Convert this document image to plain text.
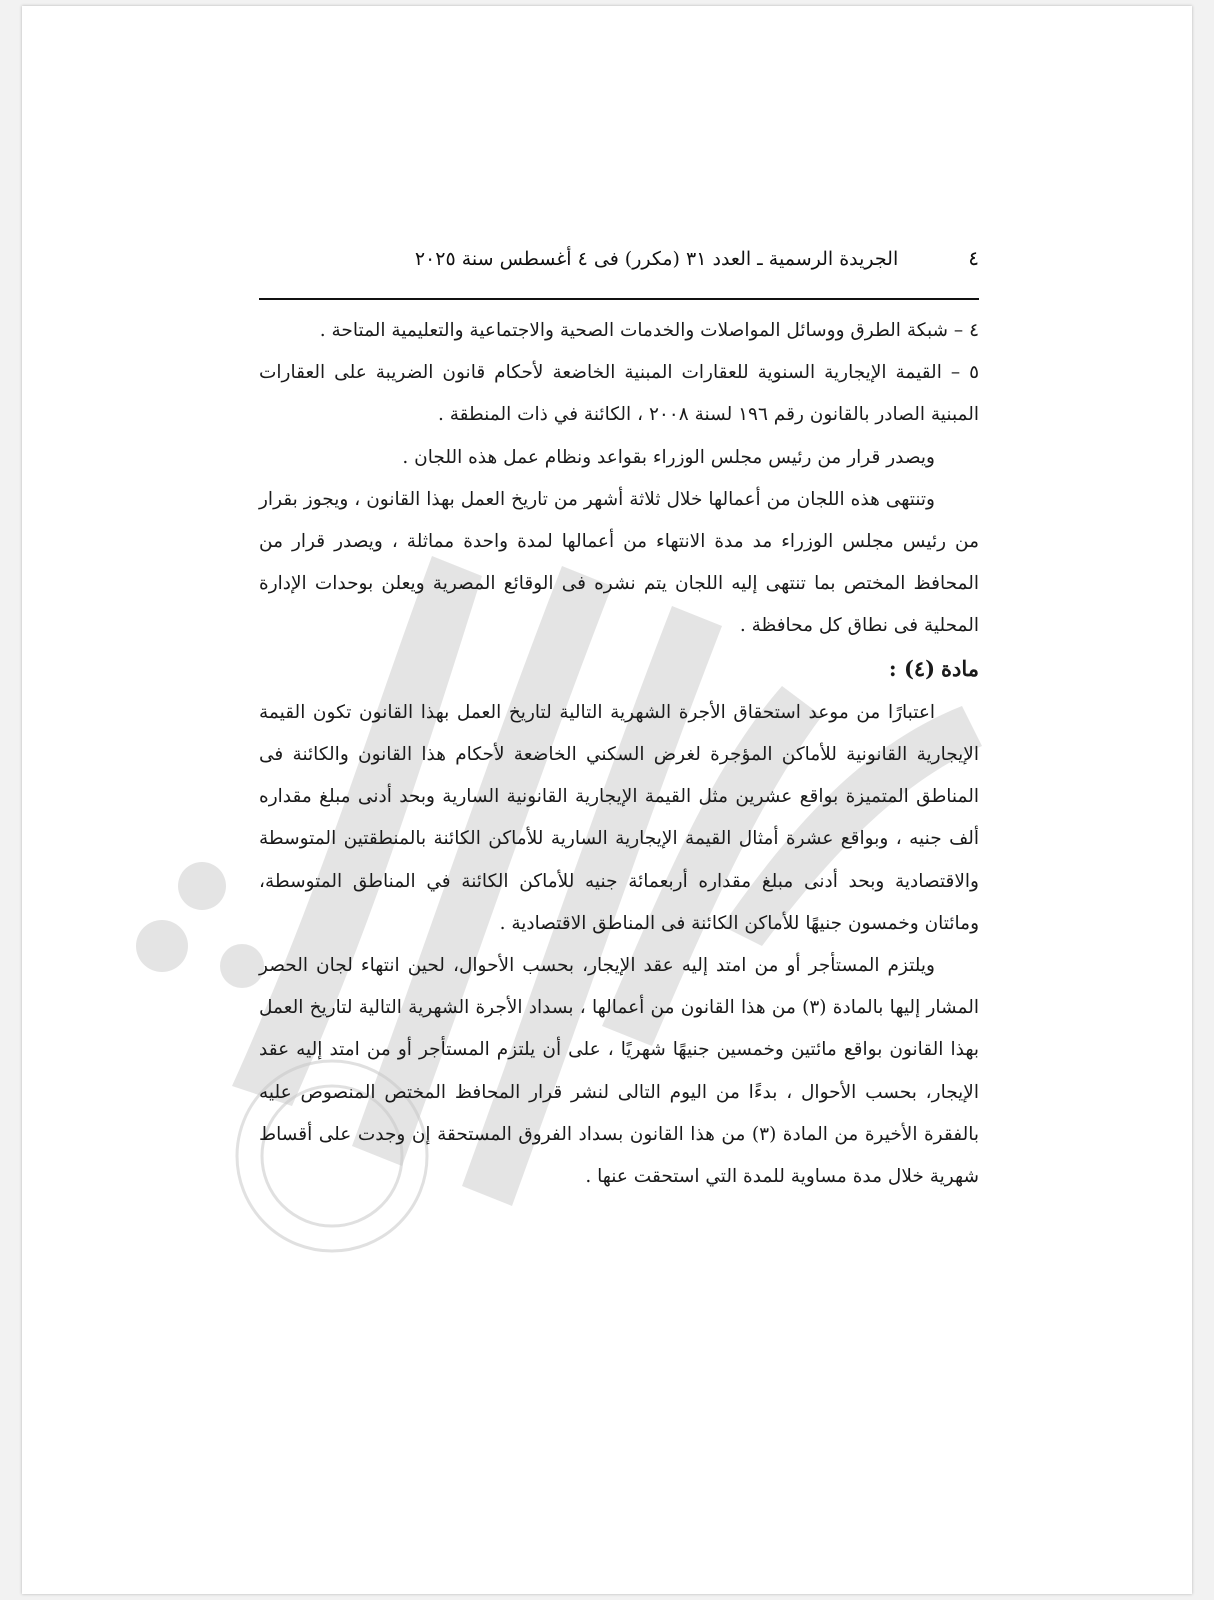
٤
الجريدة الرسمية ـ العدد ٣١ (مكرر) فى ٤ أغسطس سنة ٢٠٢٥

٤ – شبكة الطرق ووسائل المواصلات والخدمات الصحية والاجتماعية والتعليمية المتاحة .

٥ – القيمة الإيجارية السنوية للعقارات المبنية الخاضعة لأحكام قانون الضريبة على العقارات المبنية الصادر بالقانون رقم ١٩٦ لسنة ٢٠٠٨ ، الكائنة في ذات المنطقة .

ويصدر قرار من رئيس مجلس الوزراء بقواعد ونظام عمل هذه اللجان .

وتنتهى هذه اللجان من أعمالها خلال ثلاثة أشهر من تاريخ العمل بهذا القانون ، ويجوز بقرار من رئيس مجلس الوزراء مد مدة الانتهاء من أعمالها لمدة واحدة مماثلة ، ويصدر قرار من المحافظ المختص بما تنتهى إليه اللجان يتم نشره فى الوقائع المصرية ويعلن بوحدات الإدارة المحلية فى نطاق كل محافظة .

مادة (٤) :

اعتبارًا من موعد استحقاق الأجرة الشهرية التالية لتاريخ العمل بهذا القانون تكون القيمة الإيجارية القانونية للأماكن المؤجرة لغرض السكني الخاضعة لأحكام هذا القانون والكائنة فى المناطق المتميزة بواقع عشرين مثل القيمة الإيجارية القانونية السارية وبحد أدنى مبلغ مقداره ألف جنيه ، وبواقع عشرة أمثال القيمة الإيجارية السارية للأماكن الكائنة بالمنطقتين المتوسطة والاقتصادية وبحد أدنى مبلغ مقداره أربعمائة جنيه للأماكن الكائنة في المناطق المتوسطة، ومائتان وخمسون جنيهًا للأماكن الكائنة فى المناطق الاقتصادية .

ويلتزم المستأجر أو من امتد إليه عقد الإيجار، بحسب الأحوال، لحين انتهاء لجان الحصر المشار إليها بالمادة (٣) من هذا القانون من أعمالها ، بسداد الأجرة الشهرية التالية لتاريخ العمل بهذا القانون بواقع مائتين وخمسين جنيهًا شهريًا ، على أن يلتزم المستأجر أو من امتد إليه عقد الإيجار، بحسب الأحوال ، بدءًا من اليوم التالى لنشر قرار المحافظ المختص المنصوص عليه بالفقرة الأخيرة من المادة (٣) من هذا القانون بسداد الفروق المستحقة إن وجدت على أقساط شهرية خلال مدة مساوية للمدة التي استحقت عنها .
